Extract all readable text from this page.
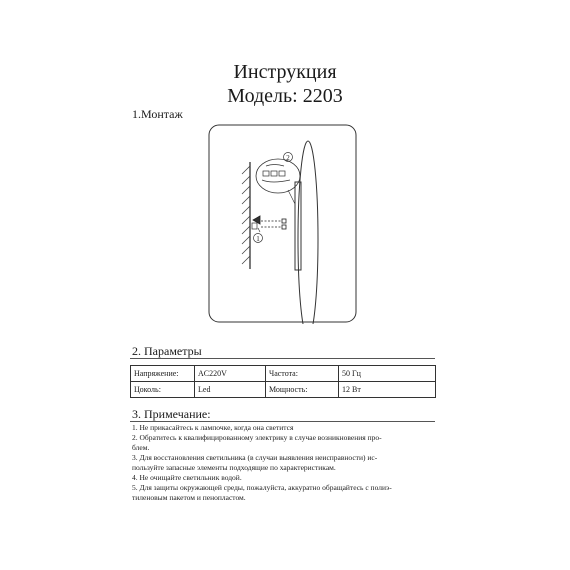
Инструкция
Модель: 2203
1.Монтаж
2
1
2. Параметры
Напряжение:	AC220V	Частота:	50 Гц
Цоколь:	Led	Мощность:	12 Вт
3. Примечание:
1. Не прикасайтесь к лампочке, когда она светится
2. Обратитесь к квалифицированному электрику в случае возникновения про-
блем.
3. Для восстановления светильника (в случаи выявления неисправности) ис-
пользуйте запасные элементы подходящие по характеристикам.
4. Не очищайте светильник водой.
5. Для защиты окружающей среды, пожалуйста, аккуратно обращайтесь с полиэ-
тиленовым пакетом и пенопластом.
